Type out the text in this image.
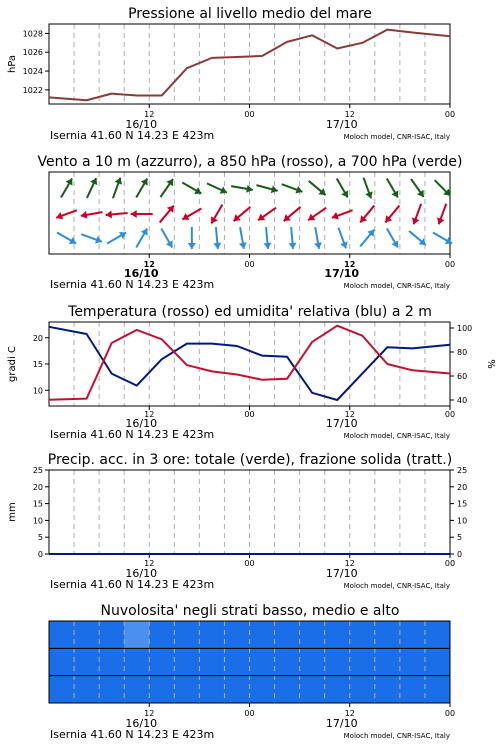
Pressione al livello medio del mare
12	00	12	00
16/10	17/10
Isernia 41.60 N 14.23 E 423m	Moloch model, CNR-ISAC, Italy
1022
1024
1026
1028
hPa
Vento a 10 m (azzurro), a 850 hPa (rosso), a 700 hPa (verde)
12	00	12	00
16/10	17/10
Isernia 41.60 N 14.23 E 423m	Moloch model, CNR-ISAC, Italy
Temperatura (rosso) ed umidita' relativa (blu) a 2 m
12	00	12	00
16/10	17/10
Isernia 41.60 N 14.23 E 423m	Moloch model, CNR-ISAC, Italy
10
15
20
gradi C
40
60
80
100
%
Precip. acc. in 3 ore: totale (verde), frazione solida (tratt.)
12	00	12	00
16/10	17/10
Isernia 41.60 N 14.23 E 423m	Moloch model, CNR-ISAC, Italy
0
5
10
15
20
25
mm
0
5
10
15
20
25
Nuvolosita' negli strati basso, medio e alto
12	00	12	00
16/10	17/10
Isernia 41.60 N 14.23 E 423m	Moloch model, CNR-ISAC, Italy
